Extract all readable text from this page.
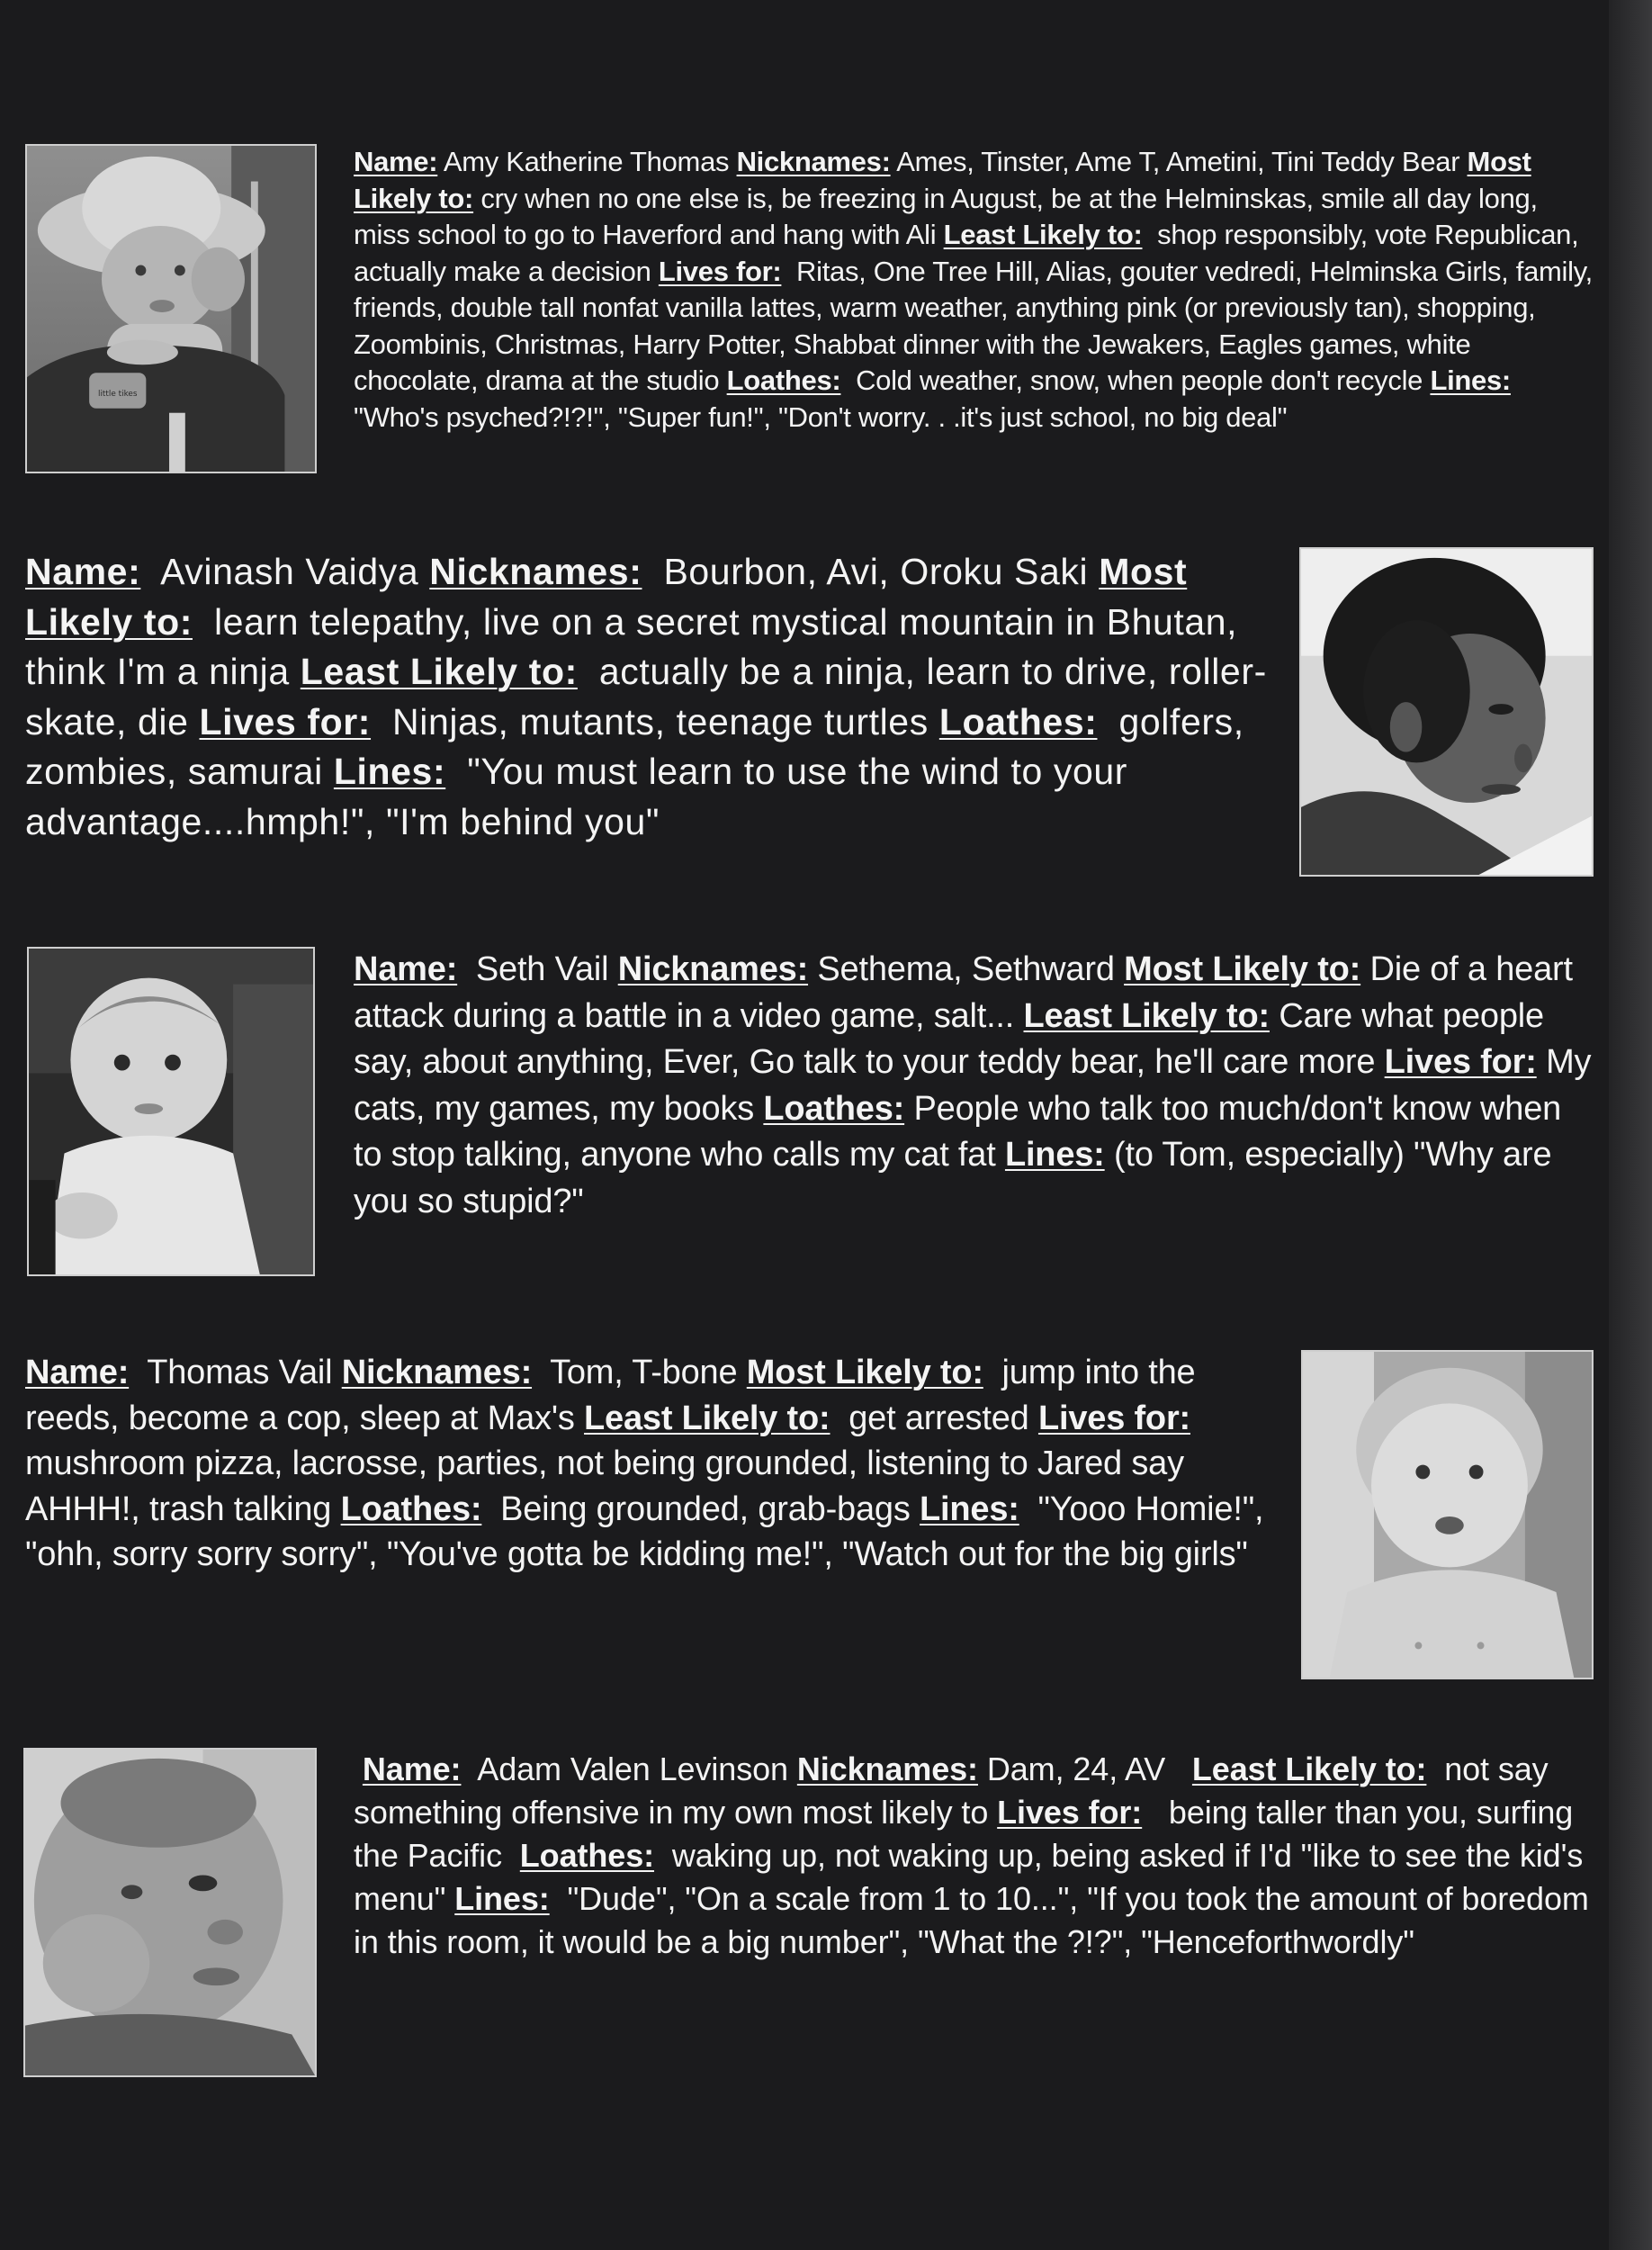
little tikes

Name: Amy Katherine Thomas Nicknames: Ames, Tinster, Ame T, Ametini, Tini Teddy Bear Most Likely to: cry when no one else is, be freezing in August, be at the Helminskas, smile all day long, miss school to go to Haverford and hang with Ali Least Likely to: shop responsibly, vote Republican, actually make a decision Lives for: Ritas, One Tree Hill, Alias, gouter vedredi, Helminska Girls, family, friends, double tall nonfat vanilla lattes, warm weather, anything pink (or previously tan), shopping, Zoombinis, Christmas, Harry Potter, Shabbat dinner with the Jewakers, Eagles games, white chocolate, drama at the studio Loathes: Cold weather, snow, when people don't recycle Lines: "Who's psyched?!?!", "Super fun!", "Don't worry. . .it's just school, no big deal"

Name: Avinash Vaidya Nicknames: Bourbon, Avi, Oroku Saki Most Likely to: learn telepathy, live on a secret mystical mountain in Bhutan, think I'm a ninja Least Likely to: actually be a ninja, learn to drive, roller-skate, die Lives for: Ninjas, mutants, teenage turtles Loathes: golfers, zombies, samurai Lines: "You must learn to use the wind to your advantage....hmph!", "I'm behind you"

Name: Seth Vail Nicknames: Sethema, Sethward Most Likely to: Die of a heart attack during a battle in a video game, salt... Least Likely to: Care what people say, about anything, Ever, Go talk to your teddy bear, he'll care more Lives for: My cats, my games, my books Loathes: People who talk too much/don't know when to stop talking, anyone who calls my cat fat Lines: (to Tom, especially) "Why are you so stupid?"

Name: Thomas Vail Nicknames: Tom, T-bone Most Likely to: jump into the reeds, become a cop, sleep at Max's Least Likely to: get arrested Lives for:  mushroom pizza, lacrosse, parties, not being grounded, listening to Jared say AHHH!, trash talking Loathes: Being grounded, grab-bags Lines: "Yooo Homie!", "ohh, sorry sorry sorry", "You've gotta be kidding me!", "Watch out for the big girls"

Name: Adam Valen Levinson Nicknames: Dam, 24, AV Least Likely to: not say something offensive in my own most likely to Lives for: being taller than you, surfing the Pacific Loathes: waking up, not waking up, being asked if I'd "like to see the kid's menu" Lines: "Dude", "On a scale from 1 to 10...", "If you took the amount of boredom in this room, it would be a big number", "What the ?!?", "Henceforthwordly"
